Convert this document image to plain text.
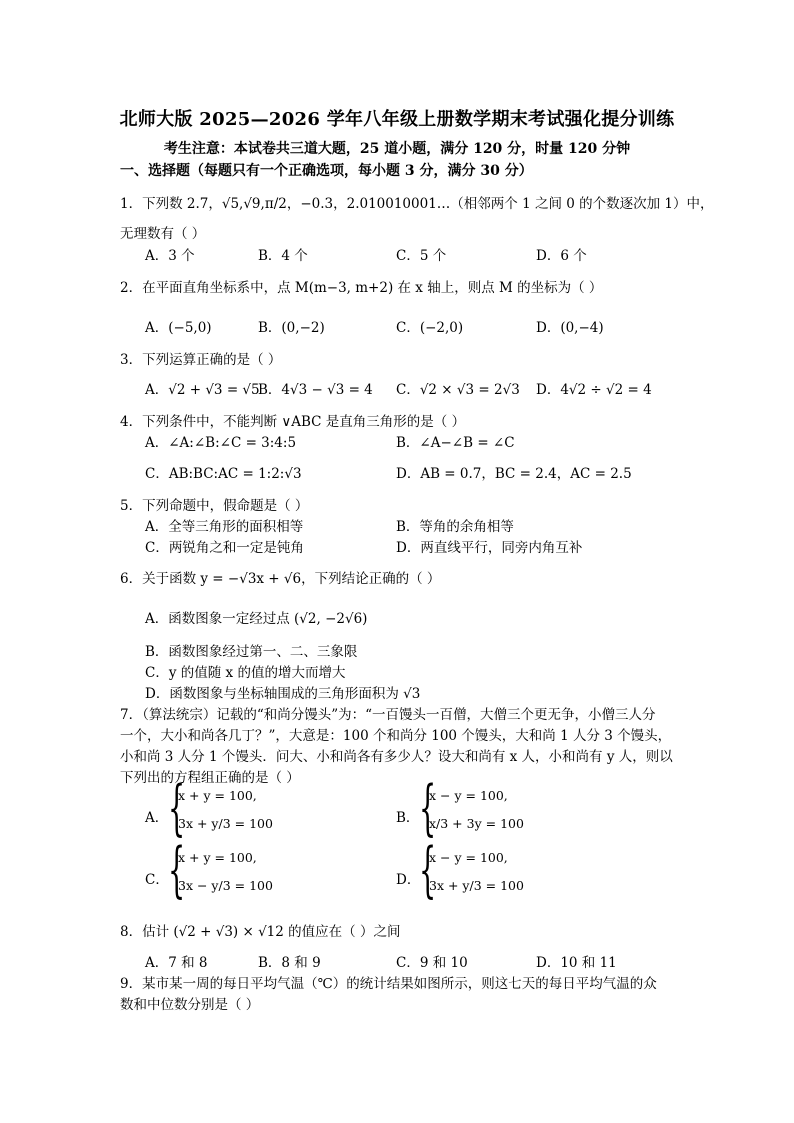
北师大版 2025—2026 学年八年级上册数学期末考试强化提分训练
考生注意：本试卷共三道大题，25 道小题，满分 120 分，时量 120 分钟
一、选择题（每题只有一个正确选项，每小题 3 分，满分 30 分）
1．下列数 2.7，√5,√9,π/2，−0.3，2.010010001…（相邻两个 1 之间 0 的个数逐次加 1）中，
无理数有（ ）
A．3 个	B．4 个	C．5 个	D．6 个
2．在平面直角坐标系中，点 M(m−3, m+2) 在 x 轴上，则点 M 的坐标为（ ）
A．(−5,0)	B．(0,−2)	C．(−2,0)	D．(0,−4)
3．下列运算正确的是（ ）
A．√2 + √3 = √5
B．4√3 − √3 = 4 C．√2 × √3 = 2√3 D．4√2 ÷ √2 = 4
4．下列条件中，不能判断 ∨ABC 是直角三角形的是（ ）
A．∠A:∠B:∠C = 3:4:5	B．∠A−∠B = ∠C
C．AB:BC:AC = 1:2:√3	D．AB = 0.7，BC = 2.4，AC = 2.5
5．下列命题中，假命题是（ ）
A．全等三角形的面积相等	B．等角的余角相等
C．两锐角之和一定是钝角	D．两直线平行，同旁内角互补
6．关于函数 y = −√3x + √6，下列结论正确的（ ）
A．函数图象一定经过点 (√2, −2√6)
B．函数图象经过第一、二、三象限
C．y 的值随 x 的值的增大而增大
D．函数图象与坐标轴围成的三角形面积为 √3
7．（算法统宗）记载的“和尚分馒头”为：“一百馒头一百僧，大僧三个更无争，小僧三人分
一个，大小和尚各几丁？”，大意是：100 个和尚分 100 个馒头，大和尚 1 人分 3 个馒头，
小和尚 3 人分 1 个馒头．问大、小和尚各有多少人？设大和尚有 x 人，小和尚有 y 人，则以
下列出的方程组正确的是（ ）
A． {
x + y = 100,
3x + y/3 = 100	B． {
x − y = 100,
x/3 + 3y = 100
C． {
x + y = 100,
3x − y/3 = 100	D．
{
x − y = 100,
3x + y/3 = 100
8．估计 (√2 + √3) × √12 的值应在（ ）之间
A．7 和 8	B．8 和 9	C．9 和 10	D．10 和 11
9．某市某一周的每日平均气温（℃）的统计结果如图所示，则这七天的每日平均气温的众
数和中位数分别是（ ）
